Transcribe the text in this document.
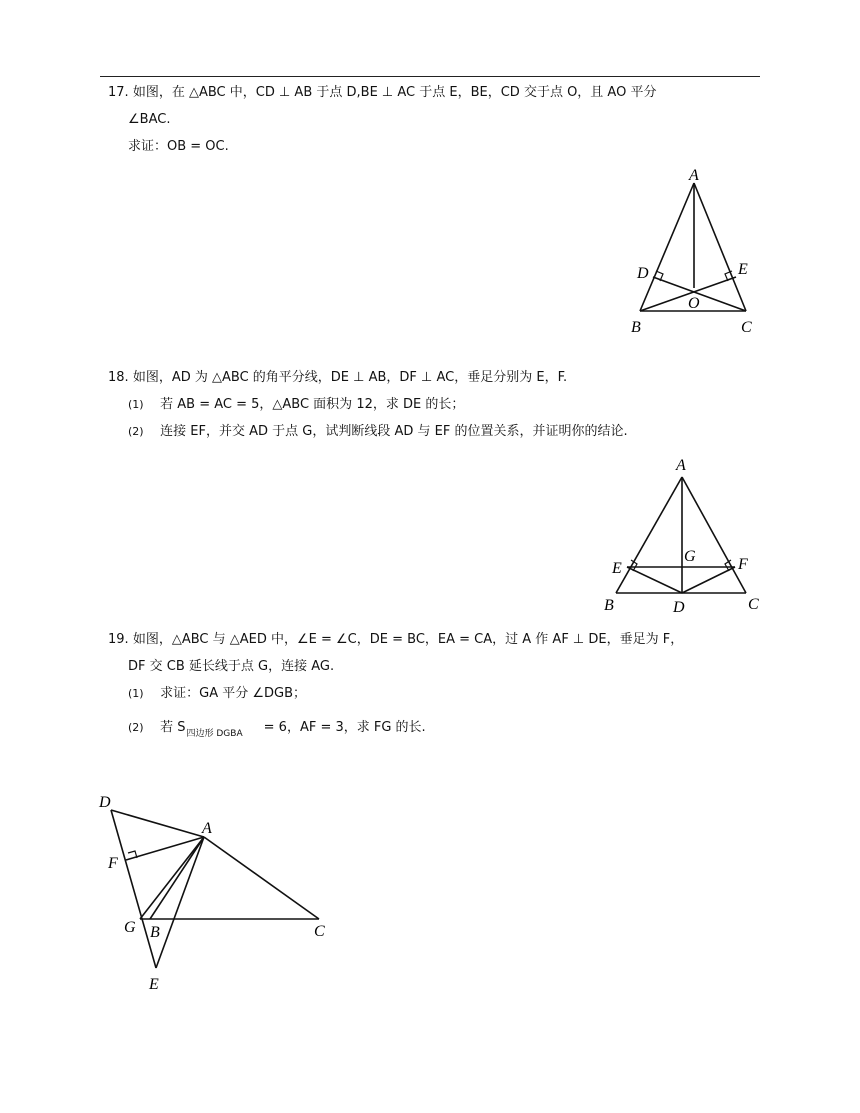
17. 如图，在 △ABC 中，CD ⊥ AB 于点 D,BE ⊥ AC 于点 E，BE，CD 交于点 O，且 AO 平分
∠BAC.
求证：OB = OC.
A
D	E
O
B	C
18. 如图，AD 为 △ABC 的角平分线，DE ⊥ AB，DF ⊥ AC，垂足分别为 E，F.
(1) 若 AB = AC = 5，△ABC 面积为 12，求 DE 的长；
(2) 连接 EF，并交 AD 于点 G，试判断线段 AD 与 EF 的位置关系，并证明你的结论.
A
G
E	F
B	D	C
19. 如图，△ABC 与 △AED 中，∠E = ∠C，DE = BC，EA = CA，过 A 作 AF ⊥ DE，垂足为 F，
DF 交 CB 延长线于点 G，连接 AG.
(1) 求证：GA 平分 ∠DGB；
(2) 若 S 四边形 DGBA = 6，AF = 3，求 FG 的长.
D
A
F
G B	C
E
